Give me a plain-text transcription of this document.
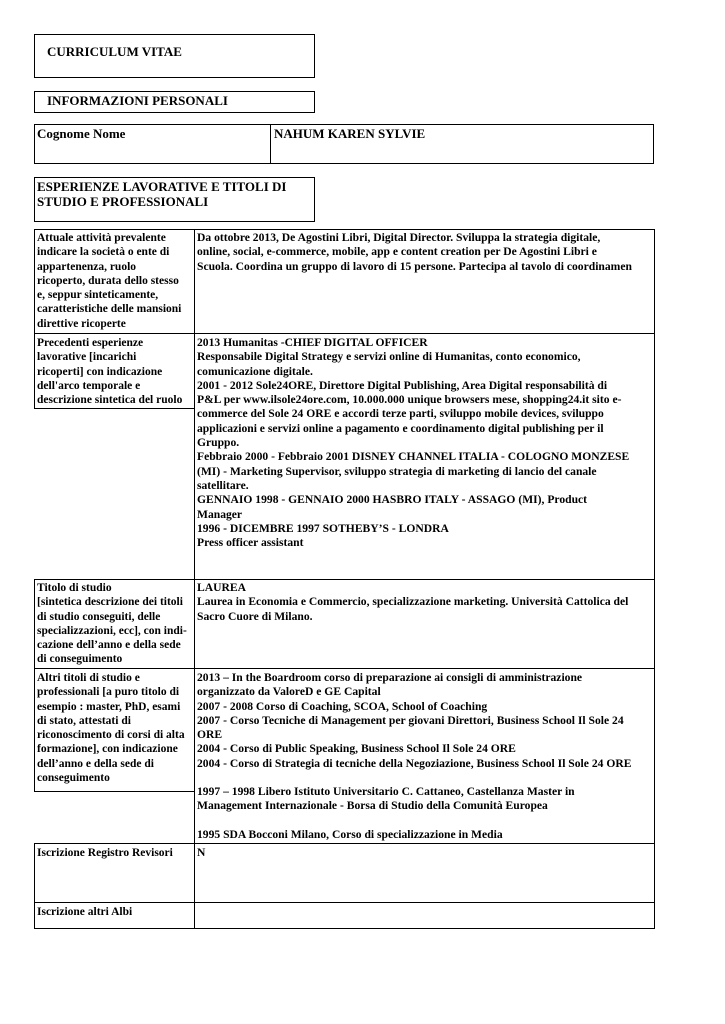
CURRICULUM VITAE
INFORMAZIONI PERSONALI
Cognome Nome	NAHUM KAREN SYLVIE
ESPERIENZE LAVORATIVE E TITOLI DI
STUDIO E PROFESSIONALI
Attuale attività prevalente
indicare la società o ente di
appartenenza, ruolo
ricoperto, durata dello stesso
e, seppur sinteticamente,
caratteristiche delle mansioni
direttive ricoperte
Da ottobre 2013, De Agostini Libri, Digital Director. Sviluppa la strategia digitale,
online, social, e-commerce, mobile, app e content creation per De Agostini Libri e
Scuola. Coordina un gruppo di lavoro di 15 persone. Partecipa al tavolo di coordinamen
Precedenti esperienze
lavorative [incarichi
ricoperti] con indicazione
dell'arco temporale e
descrizione sintetica del ruolo
2013 Humanitas -CHIEF DIGITAL OFFICER
Responsabile Digital Strategy e servizi online di Humanitas, conto economico,
comunicazione digitale.
2001 - 2012 Sole24ORE, Direttore Digital Publishing, Area Digital responsabilità di
P&L per www.ilsole24ore.com, 10.000.000 unique browsers mese, shopping24.it sito e-
commerce del Sole 24 ORE e accordi terze parti, sviluppo mobile devices, sviluppo
applicazioni e servizi online a pagamento e coordinamento digital publishing per il
Gruppo.
Febbraio 2000 - Febbraio 2001 DISNEY CHANNEL ITALIA - COLOGNO MONZESE
(MI) - Marketing Supervisor, sviluppo strategia di marketing di lancio del canale
satellitare.
GENNAIO 1998 - GENNAIO 2000 HASBRO ITALY - ASSAGO (MI), Product
Manager
1996 - DICEMBRE 1997 SOTHEBY’S - LONDRA
Press officer assistant
Titolo di studio
[sintetica descrizione dei titoli
di studio conseguiti, delle
specializzazioni, ecc], con indi-
cazione dell’anno e della sede
di conseguimento
LAUREA
Laurea in Economia e Commercio, specializzazione marketing. Università Cattolica del
Sacro Cuore di Milano.
Altri titoli di studio e
professionali [a puro titolo di
esempio : master, PhD, esami
di stato, attestati di
riconoscimento di corsi di alta
formazione], con indicazione
dell’anno e della sede di
conseguimento
2013 – In the Boardroom corso di preparazione ai consigli di amministrazione
organizzato da ValoreD e GE Capital
2007 - 2008 Corso di Coaching, SCOA, School of Coaching
2007 - Corso Tecniche di Management per giovani Direttori, Business School Il Sole 24
ORE
2004 - Corso di Public Speaking, Business School Il Sole 24 ORE
2004 - Corso di Strategia di tecniche della Negoziazione, Business School Il Sole 24 ORE
1997 – 1998 Libero Istituto Universitario C. Cattaneo, Castellanza Master in
Management Internazionale - Borsa di Studio della Comunità Europea
1995 SDA Bocconi Milano, Corso di specializzazione in Media
Iscrizione Registro Revisori	N
Iscrizione altri Albi
